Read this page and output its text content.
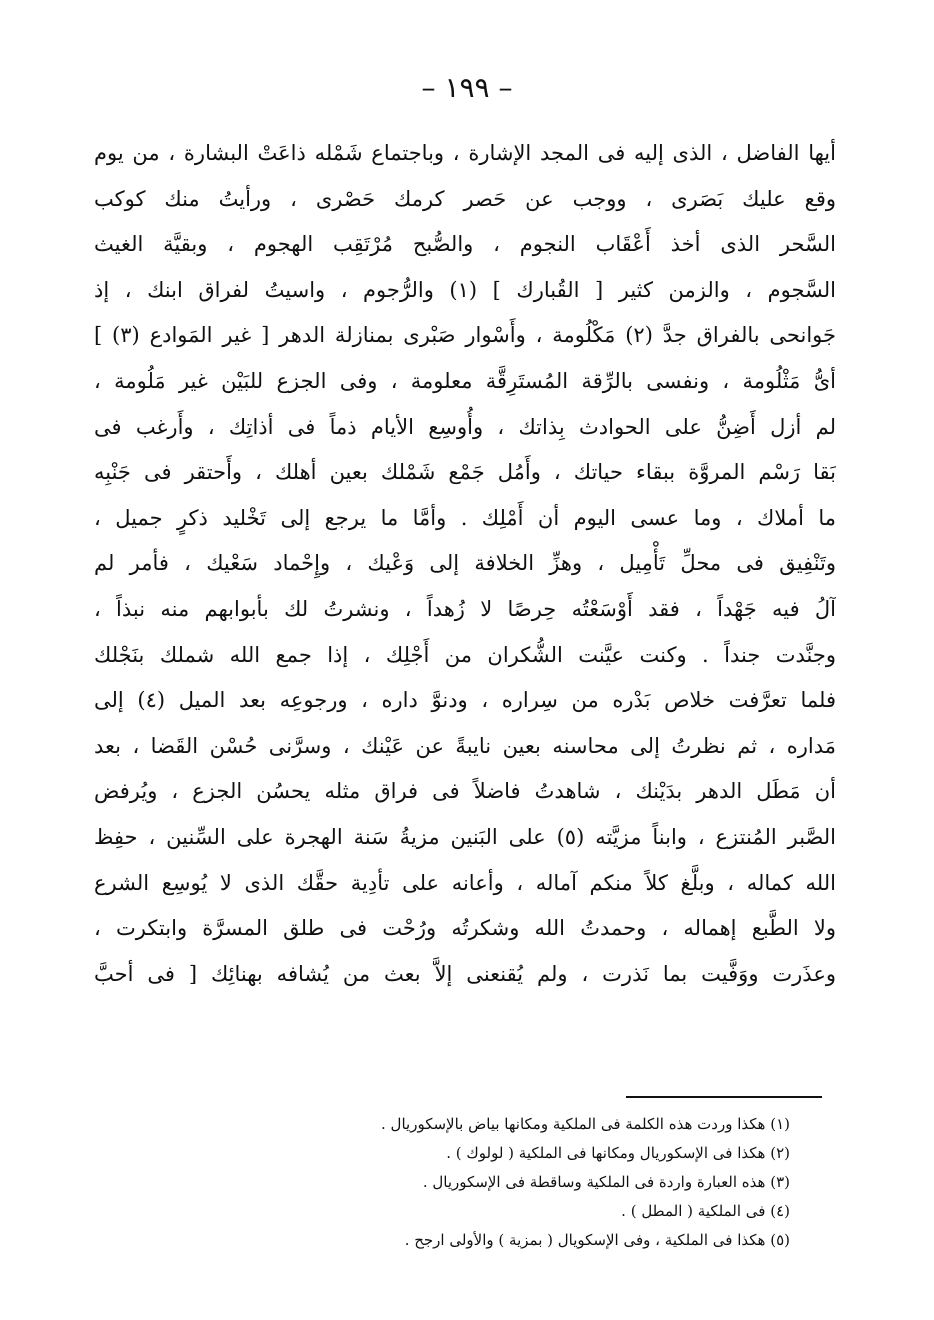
– ١٩٩ –
أيها الفاضل ، الذى إليه فى المجد الإشارة ، وباجتماع شَمْله ذاعَتْ البشارة ، من يوم
وقع عليك بَصَرى ، ووجب عن حَصر كرمك حَصْرى ، ورأيتُ منك كوكب
السَّحر الذى أخذ أَعْقَاب النجوم ، والصُّبح مُرْتَقِب الهجوم ، وبقيَّة الغيث
السَّجوم ، والزمن كثير [ القُبارك ] (١) والرُّجوم ، واسيتُ لفراق ابنك ، إذ
جَوانحى بالفراق جدَّ (٢) مَكْلُومة ، وأَسْوار صَبْرى بمنازلة الدهر [ غير المَوادع (٣) ]
أىُّ مَثْلُومة ، ونفسى بالرِّقة المُستَرِقَّة معلومة ، وفى الجزع للبَيْن غير مَلُومة ،
لم أزل أَضِنُّ على الحوادث بِذاتك ، وأُوسِع الأيام ذماً فى أذاتِك ، وأَرغب فى
بَقا رَسْم المروَّة ببقاء حياتك ، وأَمُل جَمْع شَمْلك بعين أهلك ، وأَحتقر فى جَنْبِه
ما أملاك ، وما عسى اليوم أن أَمْلِك . وأمَّا ما يرجع إلى تَخْليد ذكرٍ جميل ،
وتَنْفِيق فى محلِّ تَأْمِيل ، وهزِّ الخلافة إلى وَعْيك ، وإِحْماد سَعْيك ، فأمر لم
آلُ فيه جَهْداً ، فقد أَوْسَعْتُه حِرصًا لا زُهداً ، ونشرتُ لك بأبوابهم منه نبذاً ،
وجنَّدت جنداً . وكنت عيَّنت الشُّكران من أَجْلِك ، إذا جمع الله شملك بنَجْلك
فلما تعرَّفت خلاص بَدْره من سِراره ، ودنوَّ داره ، ورجوعِه بعد الميل (٤) إلى
مَداره ، ثم نظرتُ إلى محاسنه بعين نايبةً عن عَيْنك ، وسرَّنى حُسْن القَضا ، بعد
أن مَطَل الدهر بدَيْنك ، شاهدتُ فاضلاً فى فراق مثله يحسُن الجزع ، ويُرفض
الصَّبر المُنتزع ، وابناً مزيَّته (٥) على البَنين مزيةُ سَنة الهجرة على السِّنين ، حفِظ
الله كماله ، وبلَّغ كلاً منكم آماله ، وأعانه على تأدِية حقَّك الذى لا يُوسِع الشرع
ولا الطَّبع إهماله ، وحمدتُ الله وشكرتُه ورُحْت فى طلق المسرَّة وابتكرت ،
وعذَرت ووَفَّيت بما نَذرت ، ولم يُقنعنى إلاَّ بعث من يُشافه بهنائِك [ فى أحبَّ
(١) هكذا وردت هذه الكلمة فى الملكية ومكانها بياض بالإسكوريال .
(٢) هكذا فى الإسكوريال ومكانها فى الملكية ( لولوك ) .
(٣) هذه العبارة واردة فى الملكية وساقطة فى الإسكوريال .
(٤) فى الملكية ( المطل ) .
(٥) هكذا فى الملكية ، وفى الإسكويال ( بمزية ) والأولى ارجح .
